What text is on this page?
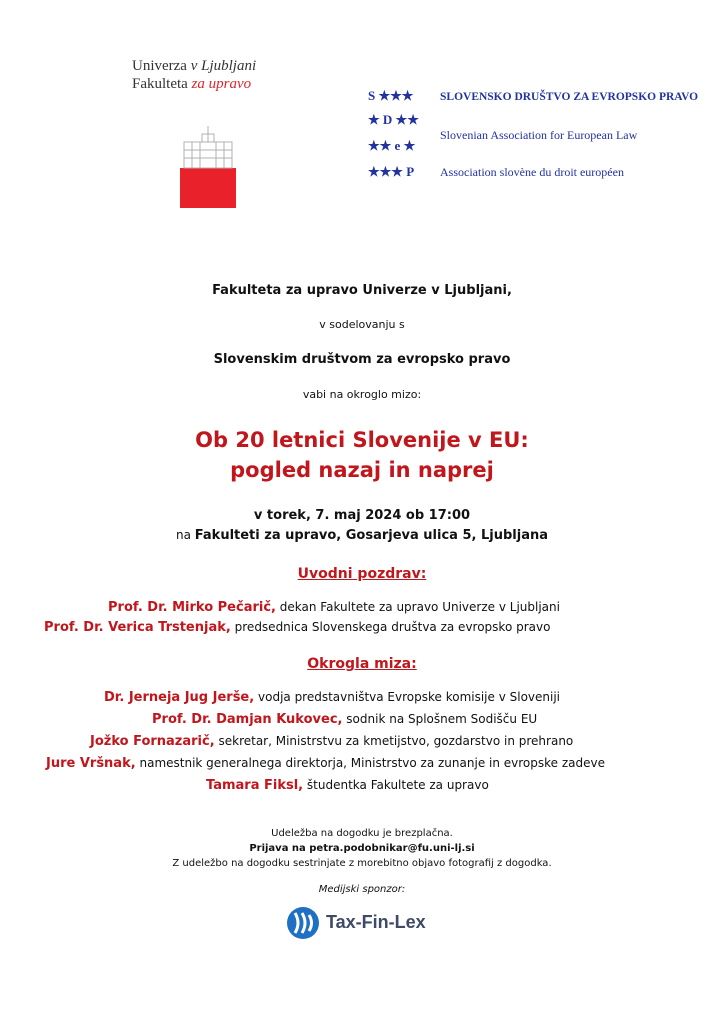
Univerza v Ljubljani
Fakulteta za upravo
S ★★★
★ D ★★
★★ e ★
★★★ P
SLOVENSKO DRUŠTVO ZA EVROPSKO PRAVO
Slovenian Association for European Law
Association slovène du droit européen
Fakulteta za upravo Univerze v Ljubljani,
v sodelovanju s
Slovenskim društvom za evropsko pravo
vabi na okroglo mizo:
Ob 20 letnici Slovenije v EU:
pogled nazaj in naprej
v torek, 7. maj 2024 ob 17:00
na Fakulteti za upravo, Gosarjeva ulica 5, Ljubljana
Uvodni pozdrav:
Prof. Dr. Mirko Pečarič, dekan Fakultete za upravo Univerze v Ljubljani
Prof. Dr. Verica Trstenjak, predsednica Slovenskega društva za evropsko pravo
Okrogla miza:
Dr. Jerneja Jug Jerše, vodja predstavništva Evropske komisije v Sloveniji
Prof. Dr. Damjan Kukovec, sodnik na Splošnem Sodišču EU
Jožko Fornazarič, sekretar, Ministrstvu za kmetijstvo, gozdarstvo in prehrano
Jure Vršnak, namestnik generalnega direktorja, Ministrstvo za zunanje in evropske zadeve
Tamara Fiksl, študentka Fakultete za upravo
Udeležba na dogodku je brezplačna.
Prijava na petra.podobnikar@fu.uni-lj.si
Z udeležbo na dogodku sestrinjate z morebitno objavo fotografij z dogodka.
Medijski sponzor:
Tax-Fin-Lex
